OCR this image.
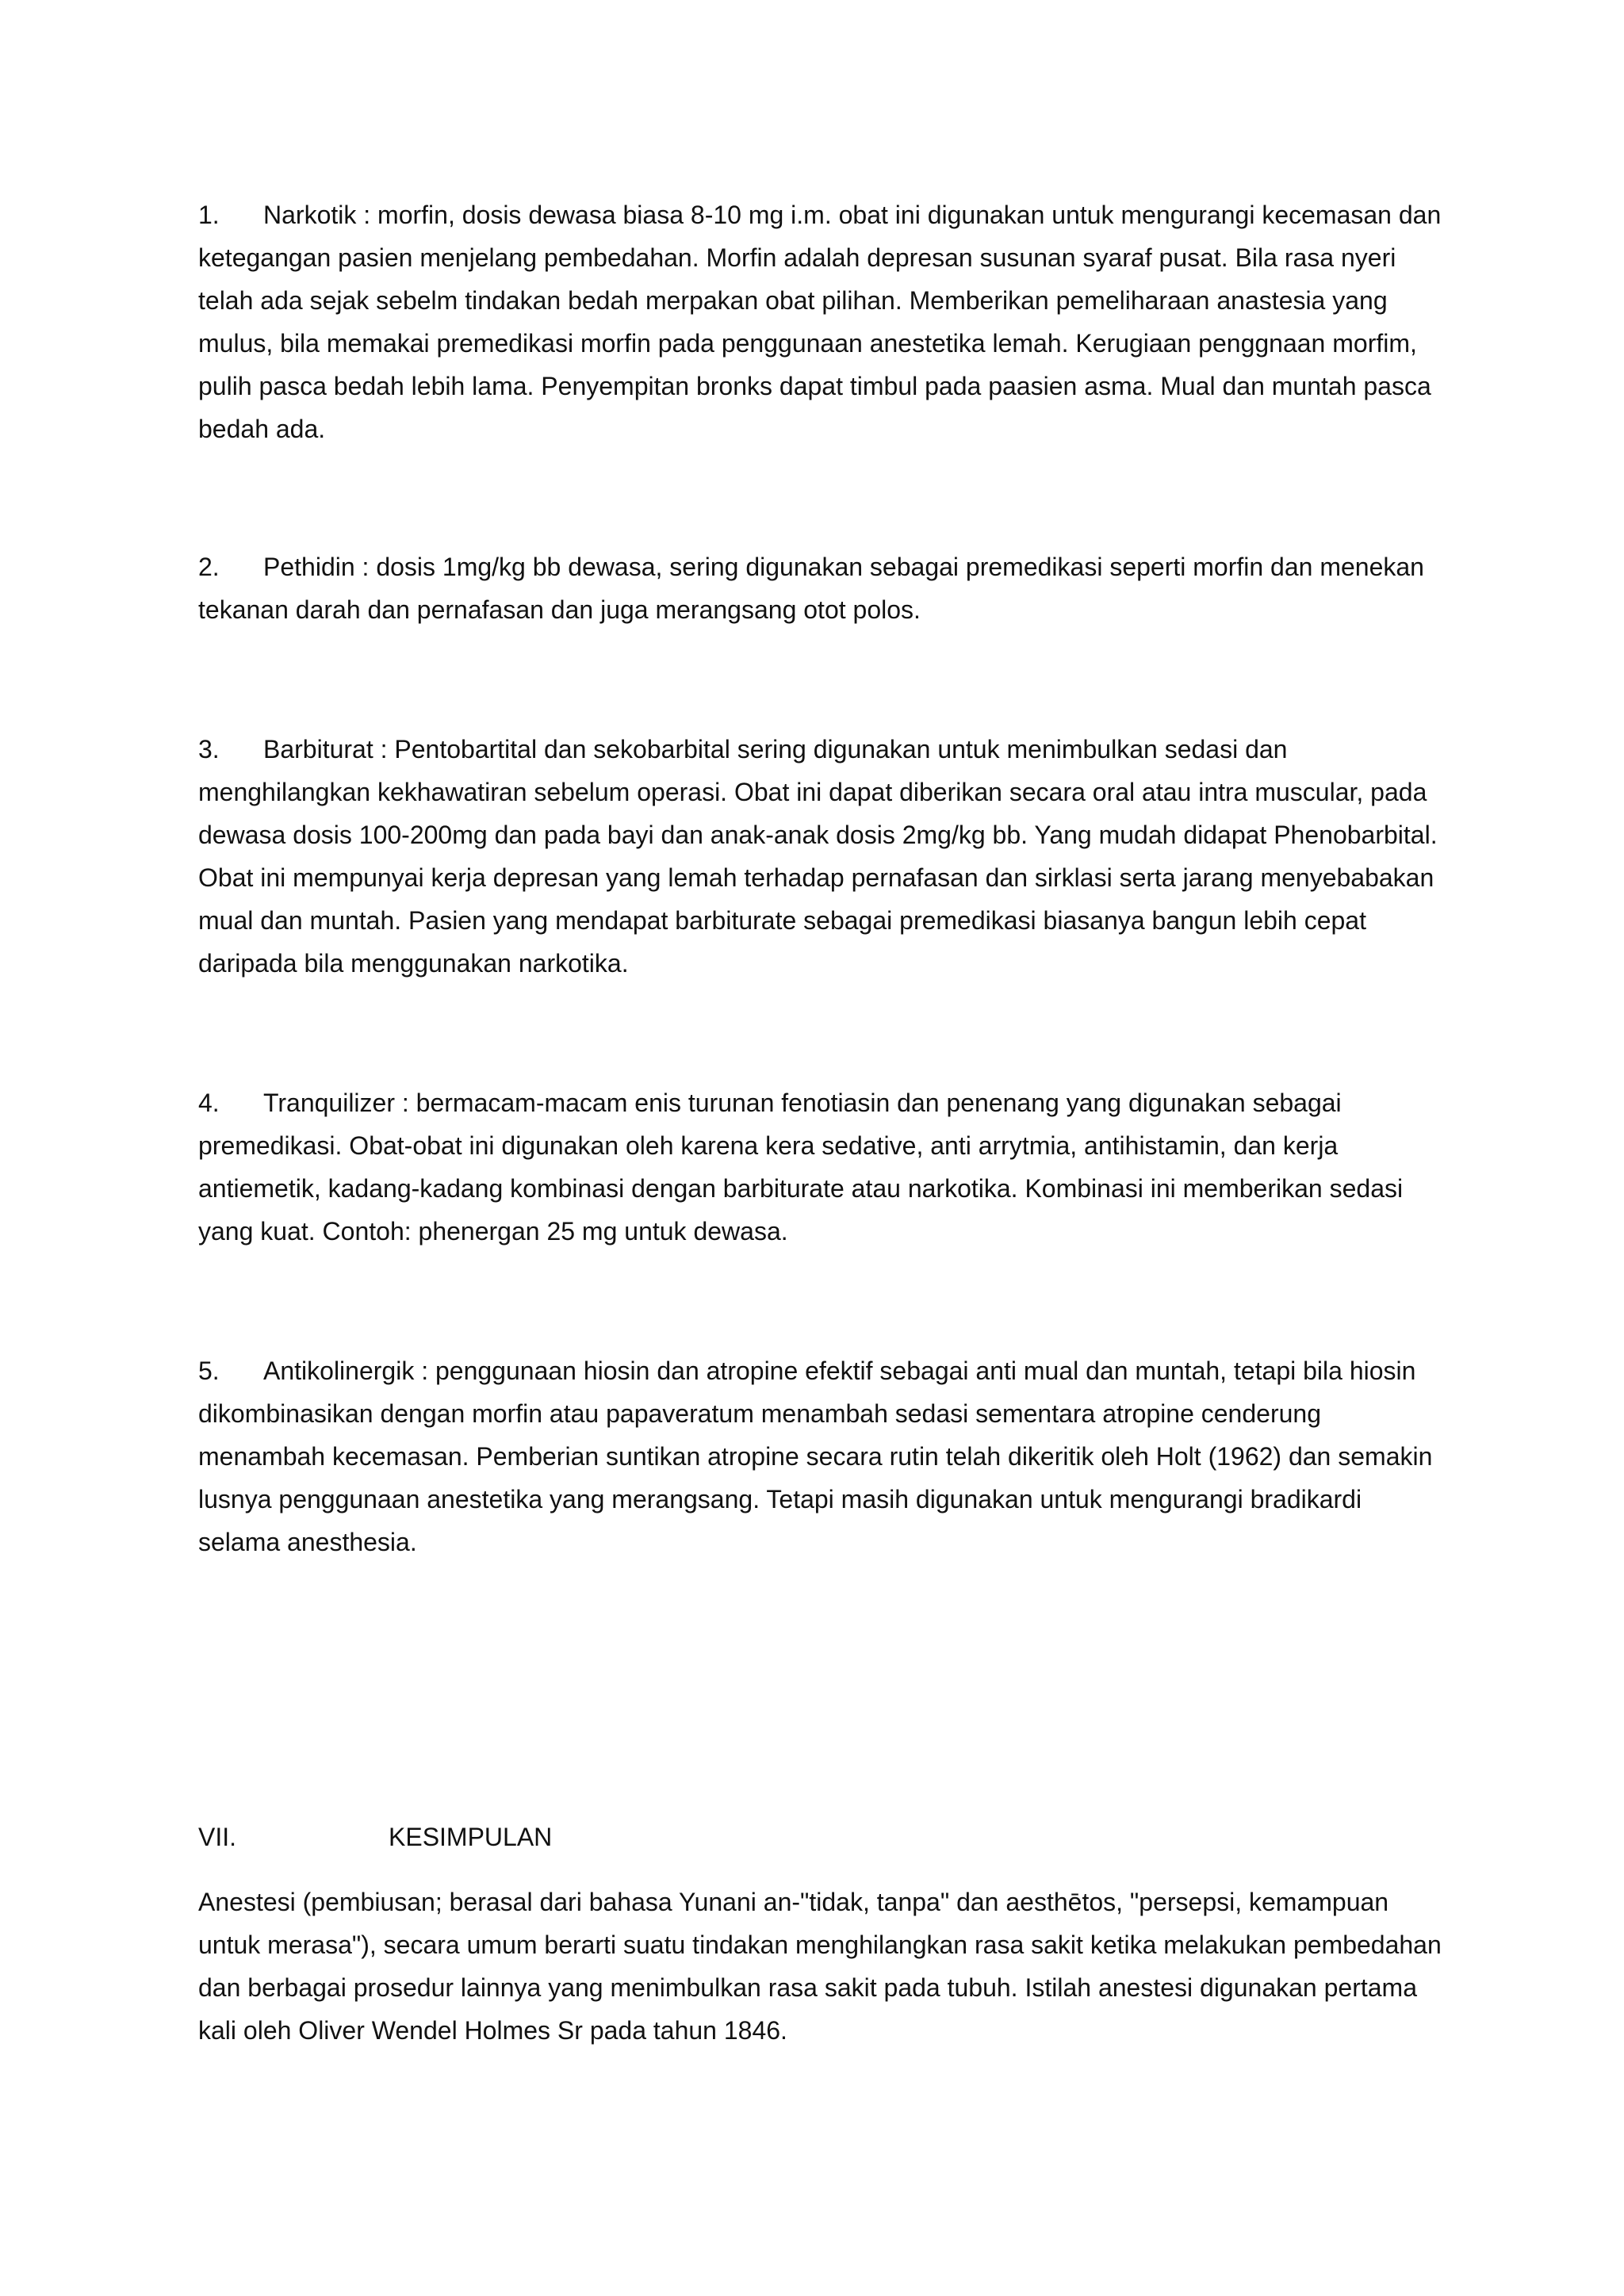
1. Narkotik : morfin, dosis dewasa biasa 8-10 mg i.m. obat ini digunakan untuk mengurangi kecemasan dan ketegangan pasien menjelang pembedahan. Morfin adalah depresan susunan syaraf pusat. Bila rasa nyeri telah ada sejak sebelm tindakan bedah merpakan obat pilihan. Memberikan pemeliharaan anastesia yang mulus, bila memakai premedikasi morfin pada penggunaan anestetika lemah. Kerugiaan penggnaan morfim, pulih pasca bedah lebih lama. Penyempitan bronks dapat timbul pada paasien asma. Mual dan muntah pasca bedah ada.

2. Pethidin : dosis 1mg/kg bb dewasa, sering digunakan sebagai premedikasi seperti morfin dan menekan tekanan darah dan pernafasan dan juga merangsang otot polos.

3. Barbiturat : Pentobartital dan sekobarbital sering digunakan untuk menimbulkan sedasi dan menghilangkan kekhawatiran sebelum operasi. Obat ini dapat diberikan secara oral atau intra muscular, pada dewasa dosis 100-200mg dan pada bayi dan anak-anak dosis 2mg/kg bb. Yang mudah didapat Phenobarbital. Obat ini mempunyai kerja depresan yang lemah terhadap pernafasan dan sirklasi serta jarang menyebabakan mual dan muntah. Pasien yang mendapat barbiturate sebagai premedikasi biasanya bangun lebih cepat daripada bila menggunakan narkotika.

4. Tranquilizer : bermacam-macam enis turunan fenotiasin dan penenang yang digunakan sebagai premedikasi. Obat-obat ini digunakan oleh karena kera sedative, anti arrytmia, antihistamin, dan kerja antiemetik, kadang-kadang kombinasi dengan barbiturate atau narkotika. Kombinasi ini memberikan sedasi yang kuat. Contoh: phenergan 25 mg untuk dewasa.

5. Antikolinergik : penggunaan hiosin dan atropine efektif sebagai anti mual dan muntah, tetapi bila hiosin dikombinasikan dengan morfin atau papaveratum menambah sedasi sementara atropine cenderung menambah kecemasan. Pemberian suntikan atropine secara rutin telah dikeritik oleh Holt (1962) dan semakin lusnya penggunaan anestetika yang merangsang. Tetapi masih digunakan untuk mengurangi bradikardi selama anesthesia.

VII.	KESIMPULAN

Anestesi (pembiusan; berasal dari bahasa Yunani an-"tidak, tanpa" dan aesthētos, "persepsi, kemampuan untuk merasa"), secara umum berarti suatu tindakan menghilangkan rasa sakit ketika melakukan pembedahan dan berbagai prosedur lainnya yang menimbulkan rasa sakit pada tubuh. Istilah anestesi digunakan pertama kali oleh Oliver Wendel Holmes Sr pada tahun 1846.
